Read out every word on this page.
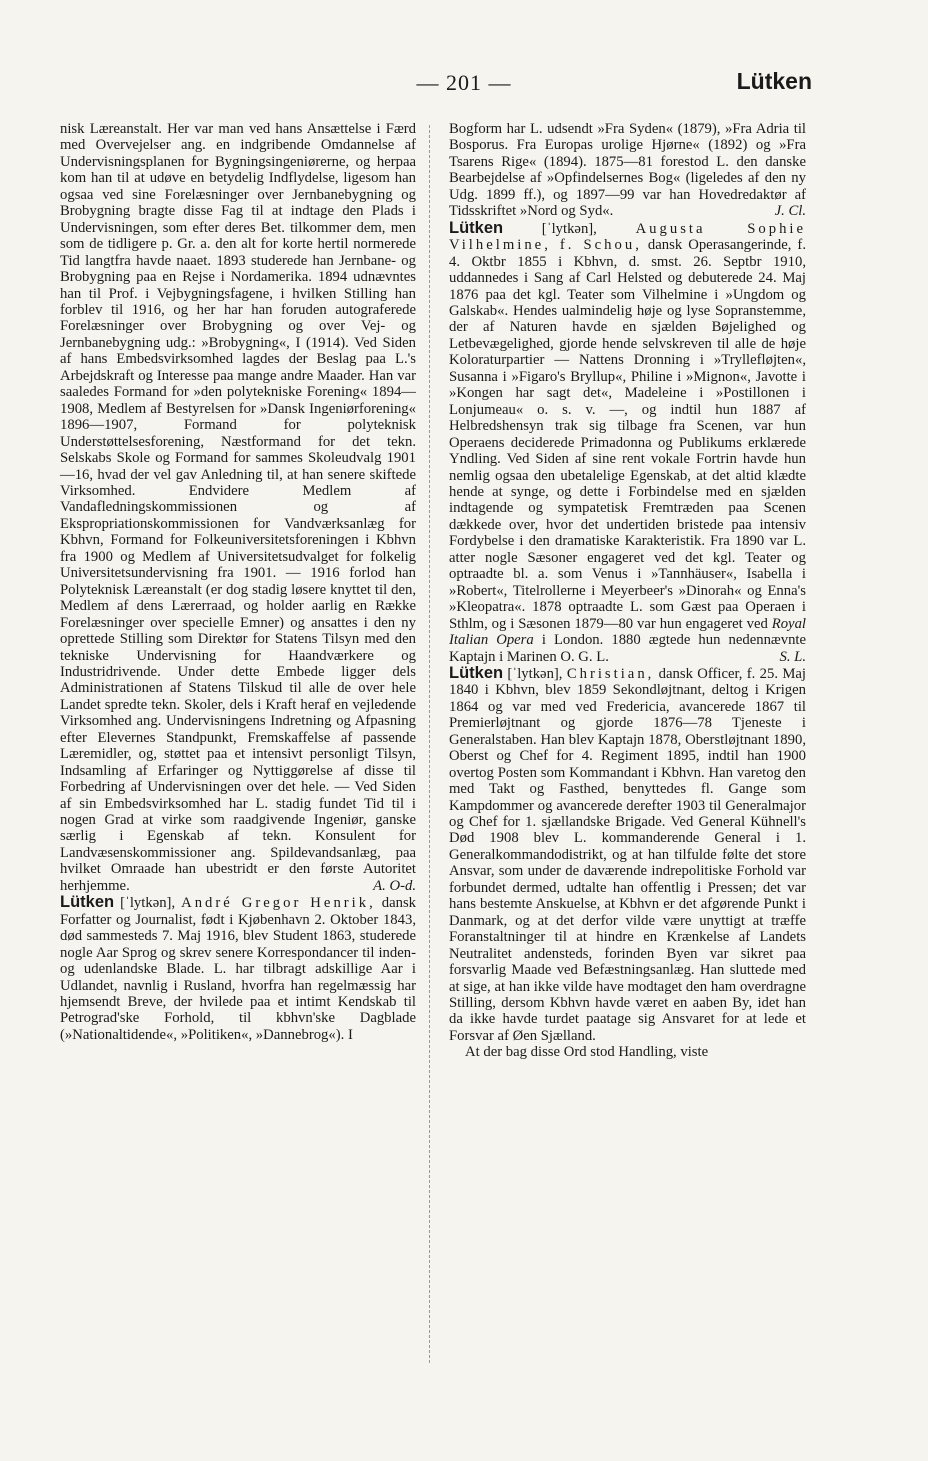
— 201 —	Lütken

nisk Læreanstalt. Her var man ved hans Ansættelse i Færd med Overvejelser ang. en indgribende Omdannelse af Undervisningsplanen for Bygningsingeniørerne, og herpaa kom han til at udøve en betydelig Indflydelse, ligesom han ogsaa ved sine Forelæsninger over Jernbanebygning og Brobygning bragte disse Fag til at indtage den Plads i Undervisningen, som efter deres Bet. tilkommer dem, men som de tidligere p. Gr. a. den alt for korte hertil normerede Tid langtfra havde naaet. 1893 studerede han Jernbane- og Brobygning paa en Rejse i Nordamerika. 1894 udnævntes han til Prof. i Vejbygningsfagene, i hvilken Stilling han forblev til 1916, og her har han foruden autograferede Forelæsninger over Brobygning og over Vej- og Jernbanebygning udg.: »Brobygning«, I (1914). Ved Siden af hans Embedsvirksomhed lagdes der Beslag paa L.'s Arbejdskraft og Interesse paa mange andre Maader. Han var saaledes Formand for »den polytekniske Forening« 1894—1908, Medlem af Bestyrelsen for »Dansk Ingeniørforening« 1896—1907, Formand for polyteknisk Understøttelsesforening, Næstformand for det tekn. Selskabs Skole og Formand for sammes Skoleudvalg 1901—16, hvad der vel gav Anledning til, at han senere skiftede Virksomhed. Endvidere Medlem af Vandafledningskommissionen og af Ekspropriationskommissionen for Vandværksanlæg for Kbhvn, Formand for Folkeuniversitetsforeningen i Kbhvn fra 1900 og Medlem af Universitetsudvalget for folkelig Universitetsundervisning fra 1901. — 1916 forlod han Polyteknisk Læreanstalt (er dog stadig løsere knyttet til den, Medlem af dens Lærerraad, og holder aarlig en Række Forelæsninger over specielle Emner) og ansattes i den ny oprettede Stilling som Direktør for Statens Tilsyn med den tekniske Undervisning for Haandværkere og Industridrivende. Under dette Embede ligger dels Administrationen af Statens Tilskud til alle de over hele Landet spredte tekn. Skoler, dels i Kraft heraf en vejledende Virksomhed ang. Undervisningens Indretning og Afpasning efter Elevernes Standpunkt, Fremskaffelse af passende Læremidler, og, støttet paa et intensivt personligt Tilsyn, Indsamling af Erfaringer og Nyttiggørelse af disse til Forbedring af Undervisningen over det hele. — Ved Siden af sin Embedsvirksomhed har L. stadig fundet Tid til i nogen Grad at virke som raadgivende Ingeniør, ganske særlig i Egenskab af tekn. Konsulent for Landvæsenskommissioner ang. Spildevandsanlæg, paa hvilket Omraade han ubestridt er den første Autoritet herhjemme.	A. O-d.

Lütken [ˈlytkən], André Gregor Henrik, dansk Forfatter og Journalist, født i Kjøbenhavn 2. Oktober 1843, død sammesteds 7. Maj 1916, blev Student 1863, studerede nogle Aar Sprog og skrev senere Korrespondancer til inden- og udenlandske Blade. L. har tilbragt adskillige Aar i Udlandet, navnlig i Rusland, hvorfra han regelmæssig har hjemsendt Breve, der hvilede paa et intimt Kendskab til Petrograd'ske Forhold, til kbhvn'ske Dagblade (»Nationaltidende«, »Politiken«, »Dannebrog«). I

Bogform har L. udsendt »Fra Syden« (1879), »Fra Adria til Bosporus. Fra Europas urolige Hjørne« (1892) og »Fra Tsarens Rige« (1894). 1875—81 forestod L. den danske Bearbejdelse af »Opfindelsernes Bog« (ligeledes af den ny Udg. 1899 ff.), og 1897—99 var han Hovedredaktør af Tidsskriftet »Nord og Syd«.	J. Cl.

Lütken	[ˈlytkən],	Augusta Sophie Vilhelmine, f. Schou, dansk Operasangerinde, f. 4. Oktbr 1855 i Kbhvn, d. smst. 26. Septbr 1910, uddannedes i Sang af Carl Helsted og debuterede 24. Maj 1876 paa det kgl. Teater som Vilhelmine i »Ungdom og Galskab«. Hendes ualmindelig høje og lyse Sopranstemme, der af Naturen havde en sjælden Bøjelighed og Letbevægelighed, gjorde hende selvskreven til alle de høje Koloraturpartier — Nattens Dronning i »Tryllefløjten«, Susanna i »Figaro's Bryllup«, Philine i »Mignon«, Javotte i »Kongen har sagt det«, Madeleine i »Postillonen i Lonjumeau« o. s. v. —, og indtil hun 1887 af Helbredshensyn trak sig tilbage fra Scenen, var hun Operaens deciderede Primadonna og Publikums erklærede Yndling. Ved Siden af sine rent vokale Fortrin havde hun nemlig ogsaa den ubetalelige Egenskab, at det altid klædte hende at synge, og dette i Forbindelse med en sjælden indtagende og sympatetisk Fremtræden paa Scenen dækkede over, hvor det undertiden bristede paa intensiv Fordybelse i den dramatiske Karakteristik. Fra 1890 var L. atter nogle Sæsoner engageret ved det kgl. Teater og optraadte bl. a. som Venus i »Tannhäuser«, Isabella i »Robert«, Titelrollerne i Meyerbeer's »Dinorah« og Enna's »Kleopatra«. 1878 optraadte L. som Gæst paa Operaen i Sthlm, og i Sæsonen 1879—80 var hun engageret ved Royal Italian Opera i London. 1880 ægtede hun nedennævnte Kaptajn i Marinen O. G. L.	S. L.

Lütken [ˈlytkən], Christian, dansk Officer, f. 25. Maj 1840 i Kbhvn, blev 1859 Sekondløjtnant, deltog i Krigen 1864 og var med ved Fredericia, avancerede 1867 til Premierløjtnant og gjorde 1876—78 Tjeneste i Generalstaben. Han blev Kaptajn 1878, Oberstløjtnant 1890, Oberst og Chef for 4. Regiment 1895, indtil han 1900 overtog Posten som Kommandant i Kbhvn. Han varetog den med Takt og Fasthed, benyttedes fl. Gange som Kampdommer og avancerede derefter 1903 til Generalmajor og Chef for 1. sjællandske Brigade. Ved General Kühnell's Død 1908 blev L. kommanderende General i 1. Generalkommandodistrikt, og at han tilfulde følte det store Ansvar, som under de daværende indrepolitiske Forhold var forbundet dermed, udtalte han offentlig i Pressen; det var hans bestemte Anskuelse, at Kbhvn er det afgørende Punkt i Danmark, og at det derfor vilde være unyttigt at træffe Foranstaltninger til at hindre en Krænkelse af Landets Neutralitet andensteds, forinden Byen var sikret paa forsvarlig Maade ved Befæstningsanlæg. Han sluttede med at sige, at han ikke vilde have modtaget den ham overdragne Stilling, dersom Kbhvn havde været en aaben By, idet han da ikke havde turdet paatage sig Ansvaret for at lede et Forsvar af Øen Sjælland.

At der bag disse Ord stod Handling, viste
